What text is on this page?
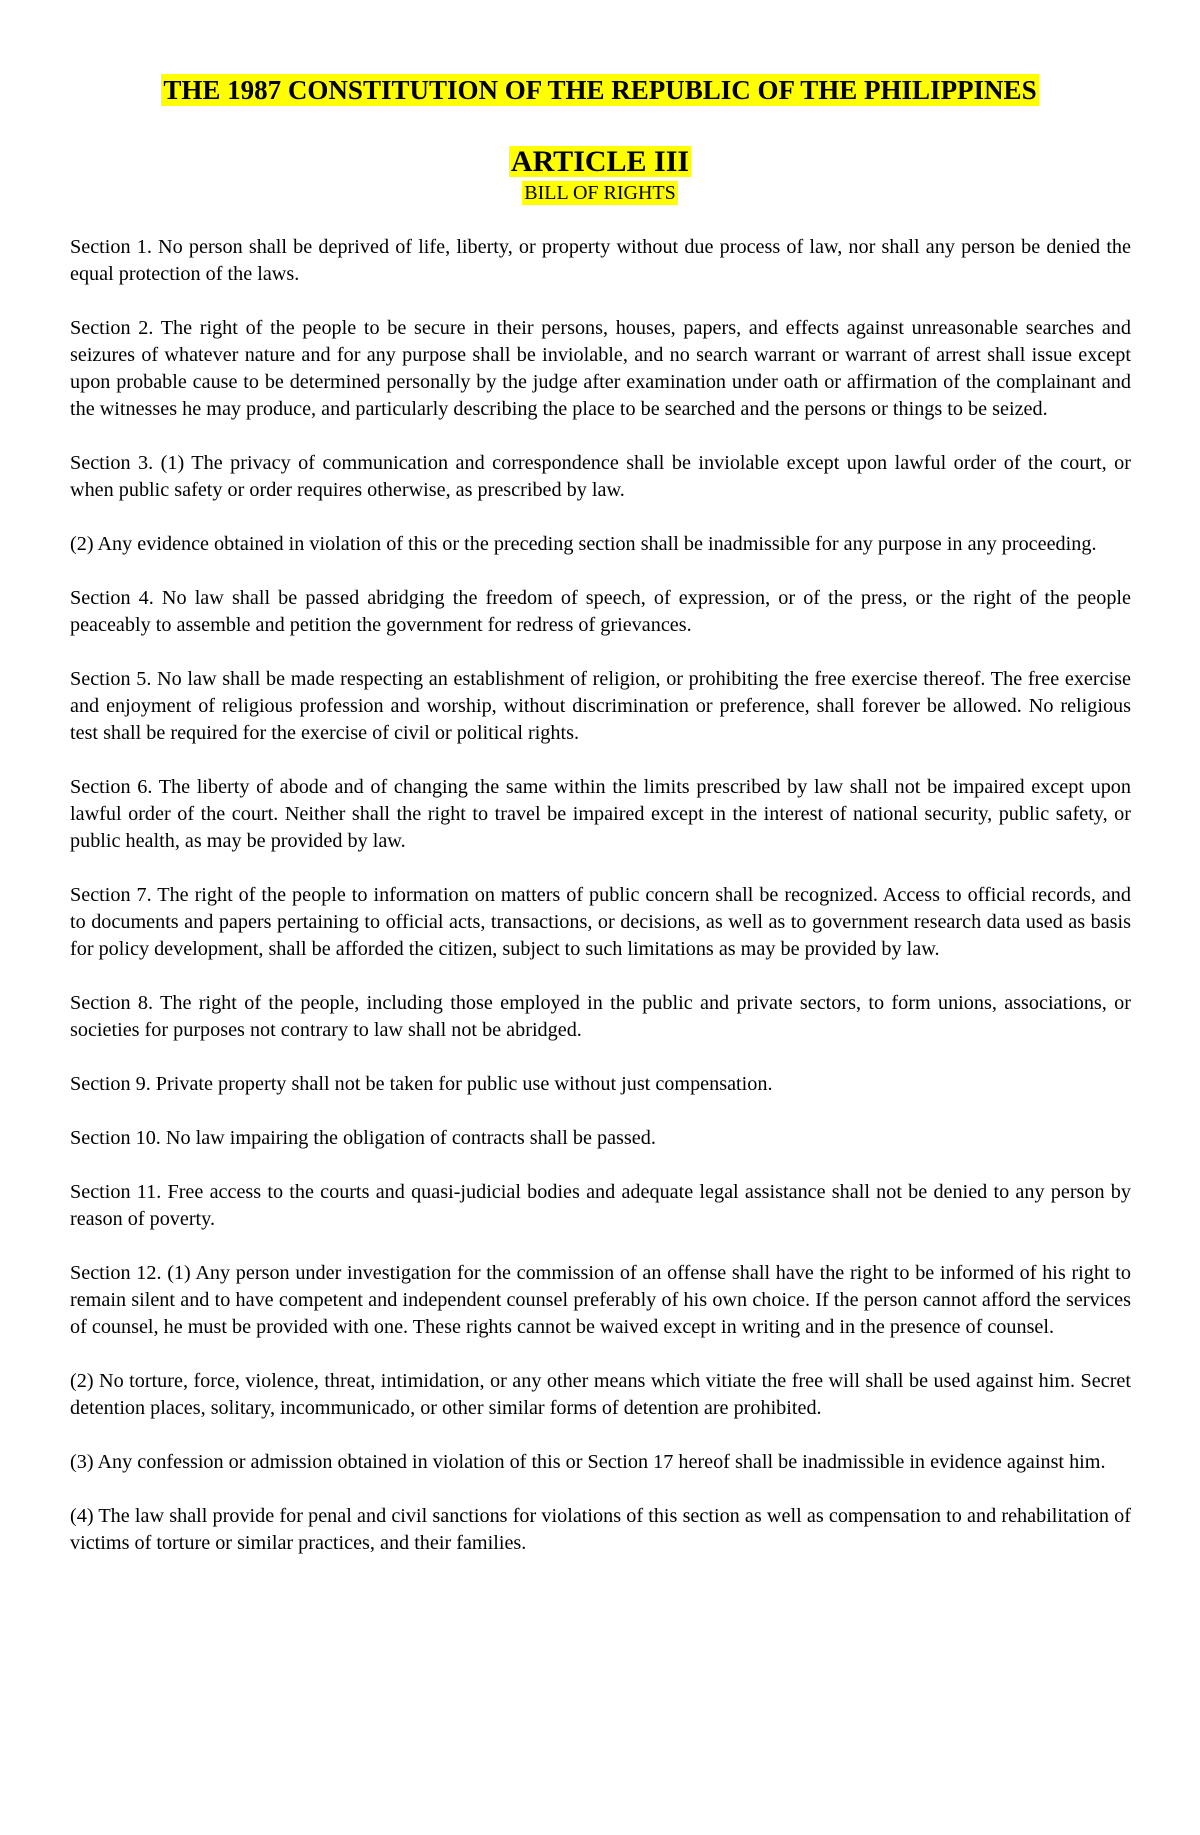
THE 1987 CONSTITUTION OF THE REPUBLIC OF THE PHILIPPINES
ARTICLE III
BILL OF RIGHTS

Section 1. No person shall be deprived of life, liberty, or property without due process of law, nor shall any person be denied the equal protection of the laws.

Section 2. The right of the people to be secure in their persons, houses, papers, and effects against unreasonable searches and seizures of whatever nature and for any purpose shall be inviolable, and no search warrant or warrant of arrest shall issue except upon probable cause to be determined personally by the judge after examination under oath or affirmation of the complainant and the witnesses he may produce, and particularly describing the place to be searched and the persons or things to be seized.

Section 3. (1) The privacy of communication and correspondence shall be inviolable except upon lawful order of the court, or when public safety or order requires otherwise, as prescribed by law.

(2) Any evidence obtained in violation of this or the preceding section shall be inadmissible for any purpose in any proceeding.

Section 4. No law shall be passed abridging the freedom of speech, of expression, or of the press, or the right of the people peaceably to assemble and petition the government for redress of grievances.

Section 5. No law shall be made respecting an establishment of religion, or prohibiting the free exercise thereof. The free exercise and enjoyment of religious profession and worship, without discrimination or preference, shall forever be allowed. No religious test shall be required for the exercise of civil or political rights.

Section 6. The liberty of abode and of changing the same within the limits prescribed by law shall not be impaired except upon lawful order of the court. Neither shall the right to travel be impaired except in the interest of national security, public safety, or public health, as may be provided by law.

Section 7. The right of the people to information on matters of public concern shall be recognized. Access to official records, and to documents and papers pertaining to official acts, transactions, or decisions, as well as to government research data used as basis for policy development, shall be afforded the citizen, subject to such limitations as may be provided by law.

Section 8. The right of the people, including those employed in the public and private sectors, to form unions, associations, or societies for purposes not contrary to law shall not be abridged.

Section 9. Private property shall not be taken for public use without just compensation.

Section 10. No law impairing the obligation of contracts shall be passed.

Section 11. Free access to the courts and quasi-judicial bodies and adequate legal assistance shall not be denied to any person by reason of poverty.

Section 12. (1) Any person under investigation for the commission of an offense shall have the right to be informed of his right to remain silent and to have competent and independent counsel preferably of his own choice. If the person cannot afford the services of counsel, he must be provided with one. These rights cannot be waived except in writing and in the presence of counsel.

(2) No torture, force, violence, threat, intimidation, or any other means which vitiate the free will shall be used against him. Secret detention places, solitary, incommunicado, or other similar forms of detention are prohibited.

(3) Any confession or admission obtained in violation of this or Section 17 hereof shall be inadmissible in evidence against him.

(4) The law shall provide for penal and civil sanctions for violations of this section as well as compensation to and rehabilitation of victims of torture or similar practices, and their families.
